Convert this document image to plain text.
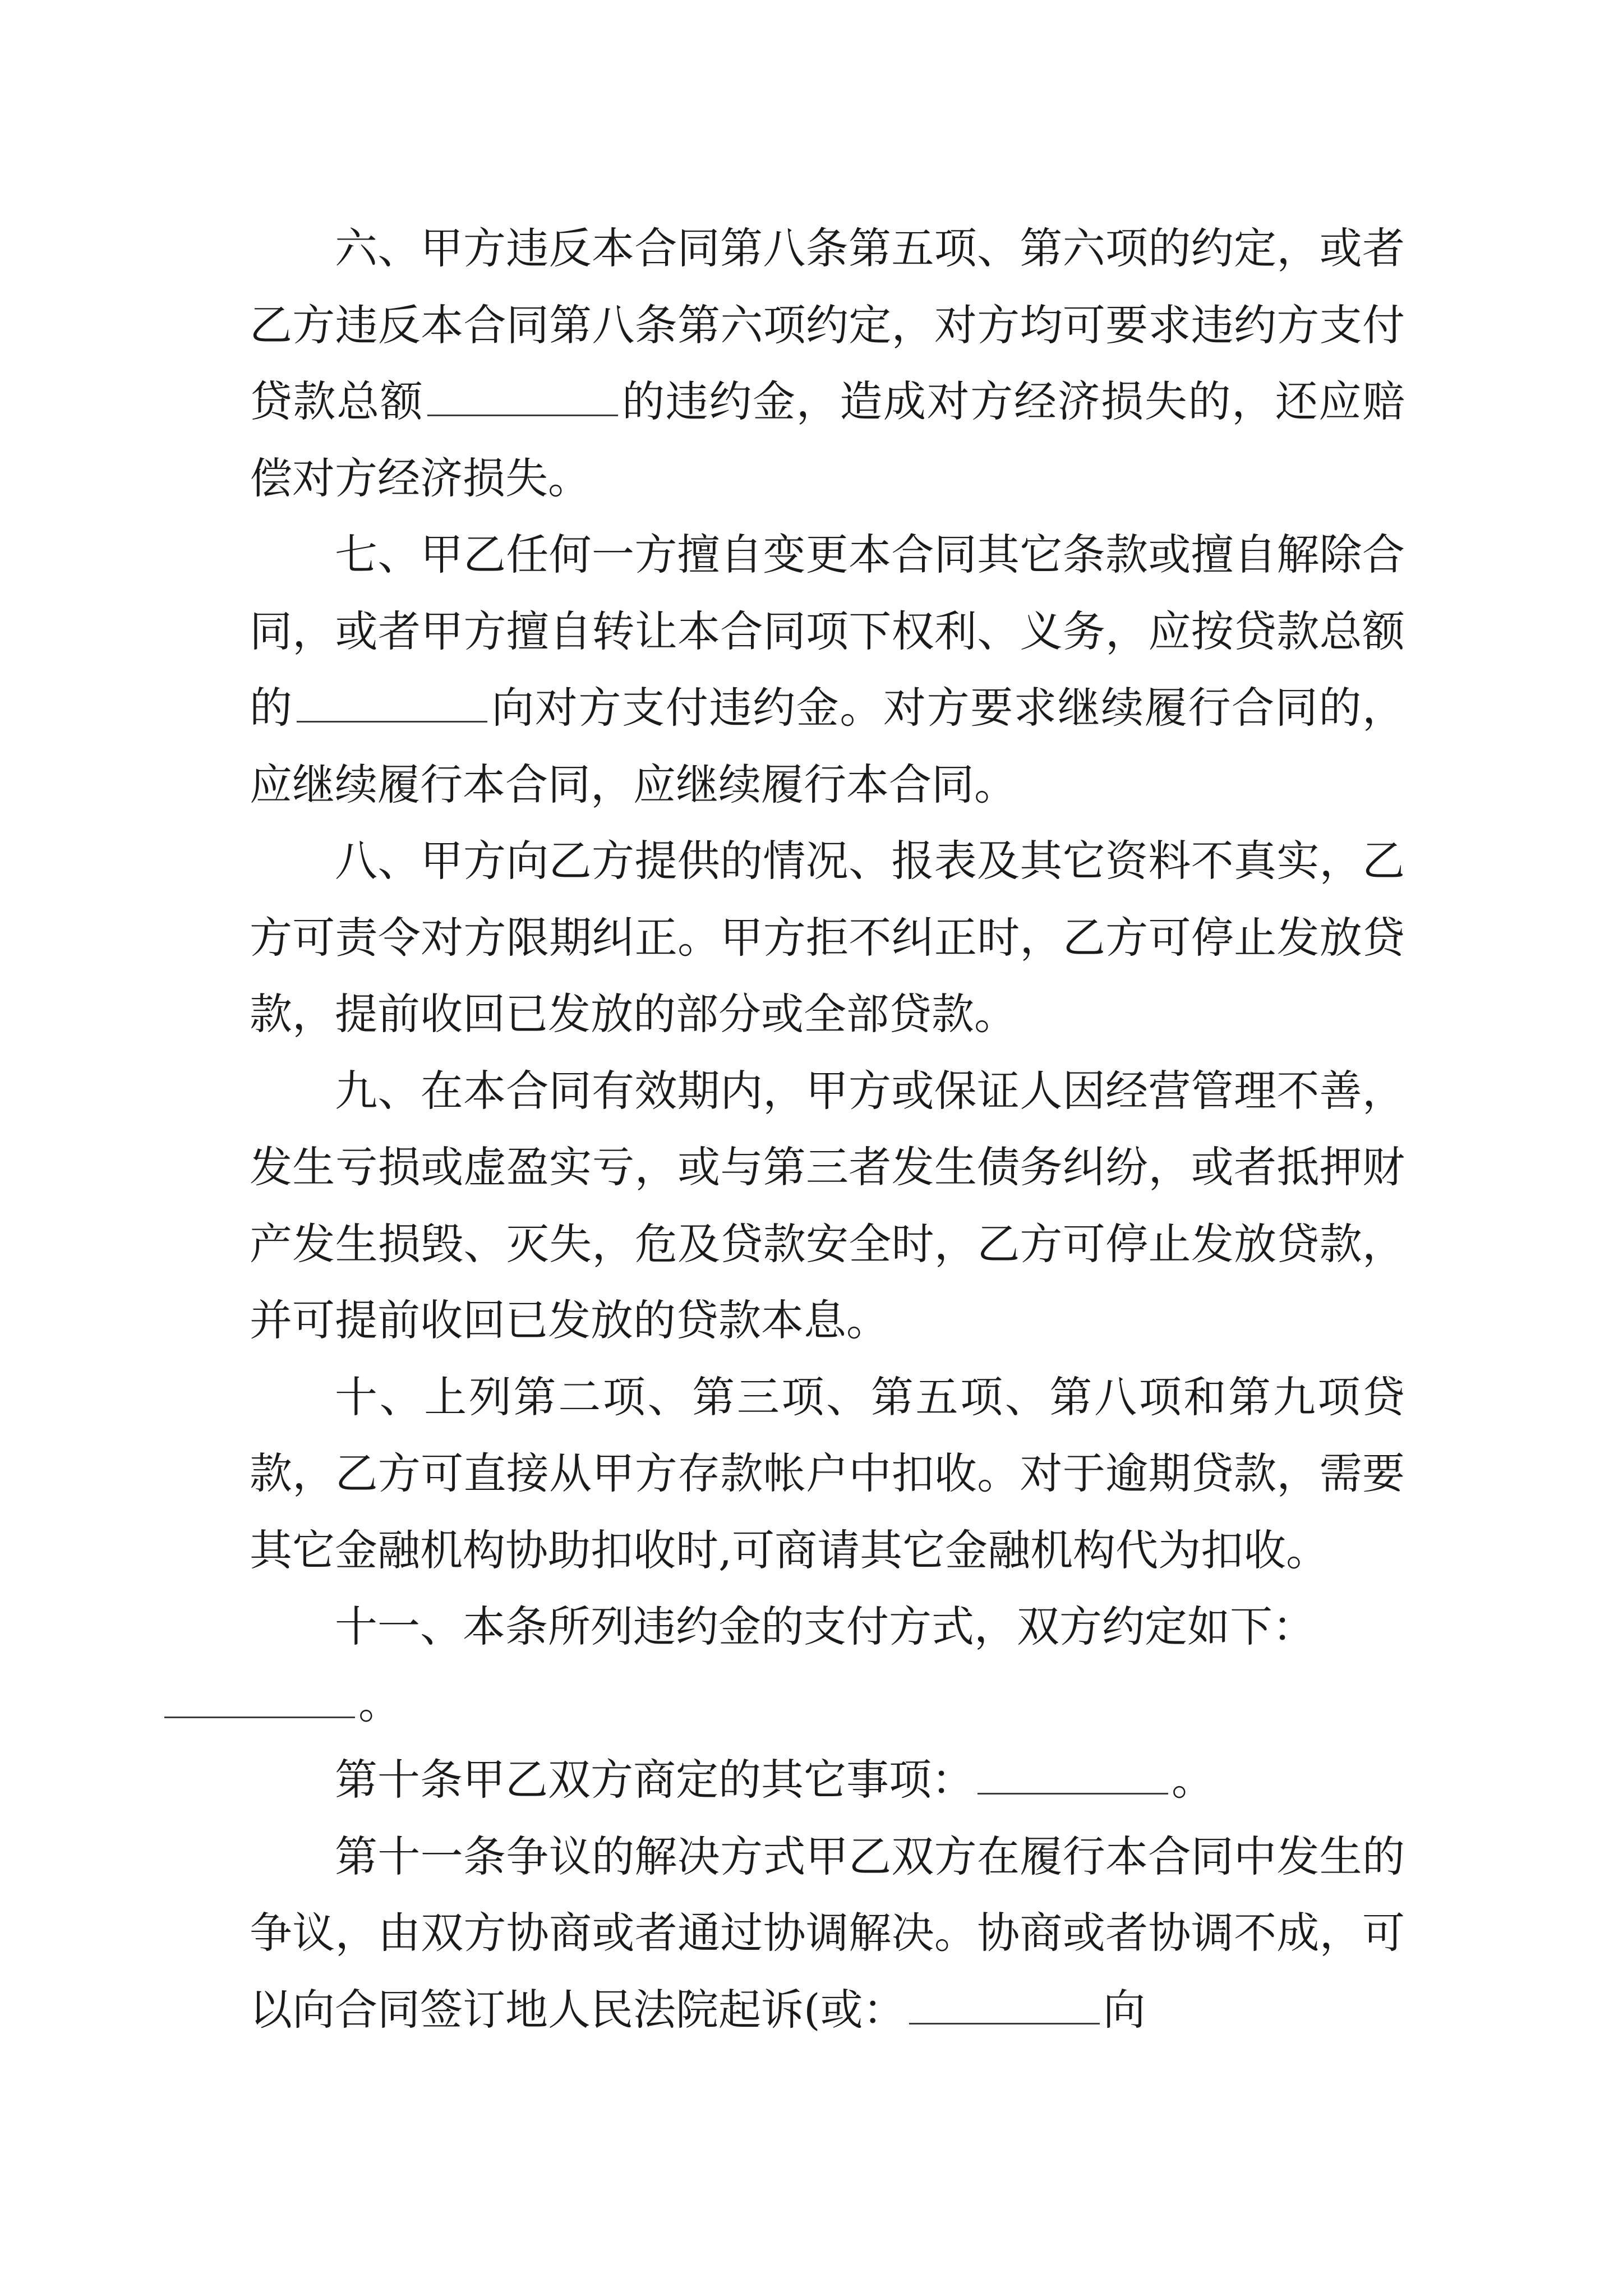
六、甲方违反本合同第八条第五项、第六项的约定，或者乙方违反本合同第八条第六项约定，对方均可要求违约方支付贷款总额	的违约金，造成对方经济损失的，还应赔偿对方经济损失。

七、甲乙任何一方擅自变更本合同其它条款或擅自解除合同，或者甲方擅自转让本合同项下权利、义务，应按贷款总额的	向对方支付违约金。对方要求继续履行合同的，应继续履行本合同，应继续履行本合同。

八、甲方向乙方提供的情况、报表及其它资料不真实，乙方可责令对方限期纠正。甲方拒不纠正时，乙方可停止发放贷款，提前收回已发放的部分或全部贷款。

九、在本合同有效期内，甲方或保证人因经营管理不善，发生亏损或虚盈实亏，或与第三者发生债务纠纷，或者抵押财产发生损毁、灭失，危及贷款安全时，乙方可停止发放贷款，并可提前收回已发放的贷款本息。

十、上列第二项、第三项、第五项、第八项和第九项贷款，乙方可直接从甲方存款帐户中扣收。对于逾期贷款，需要其它金融机构协助扣收时,可商请其它金融机构代为扣收。

十一、本条所列违约金的支付方式，双方约定如下：
。

第十条甲乙双方商定的其它事项：	。

第十一条争议的解决方式甲乙双方在履行本合同中发生的争议，由双方协商或者通过协调解决。协商或者协调不成，可以向合同签订地人民法院起诉(或：	向
